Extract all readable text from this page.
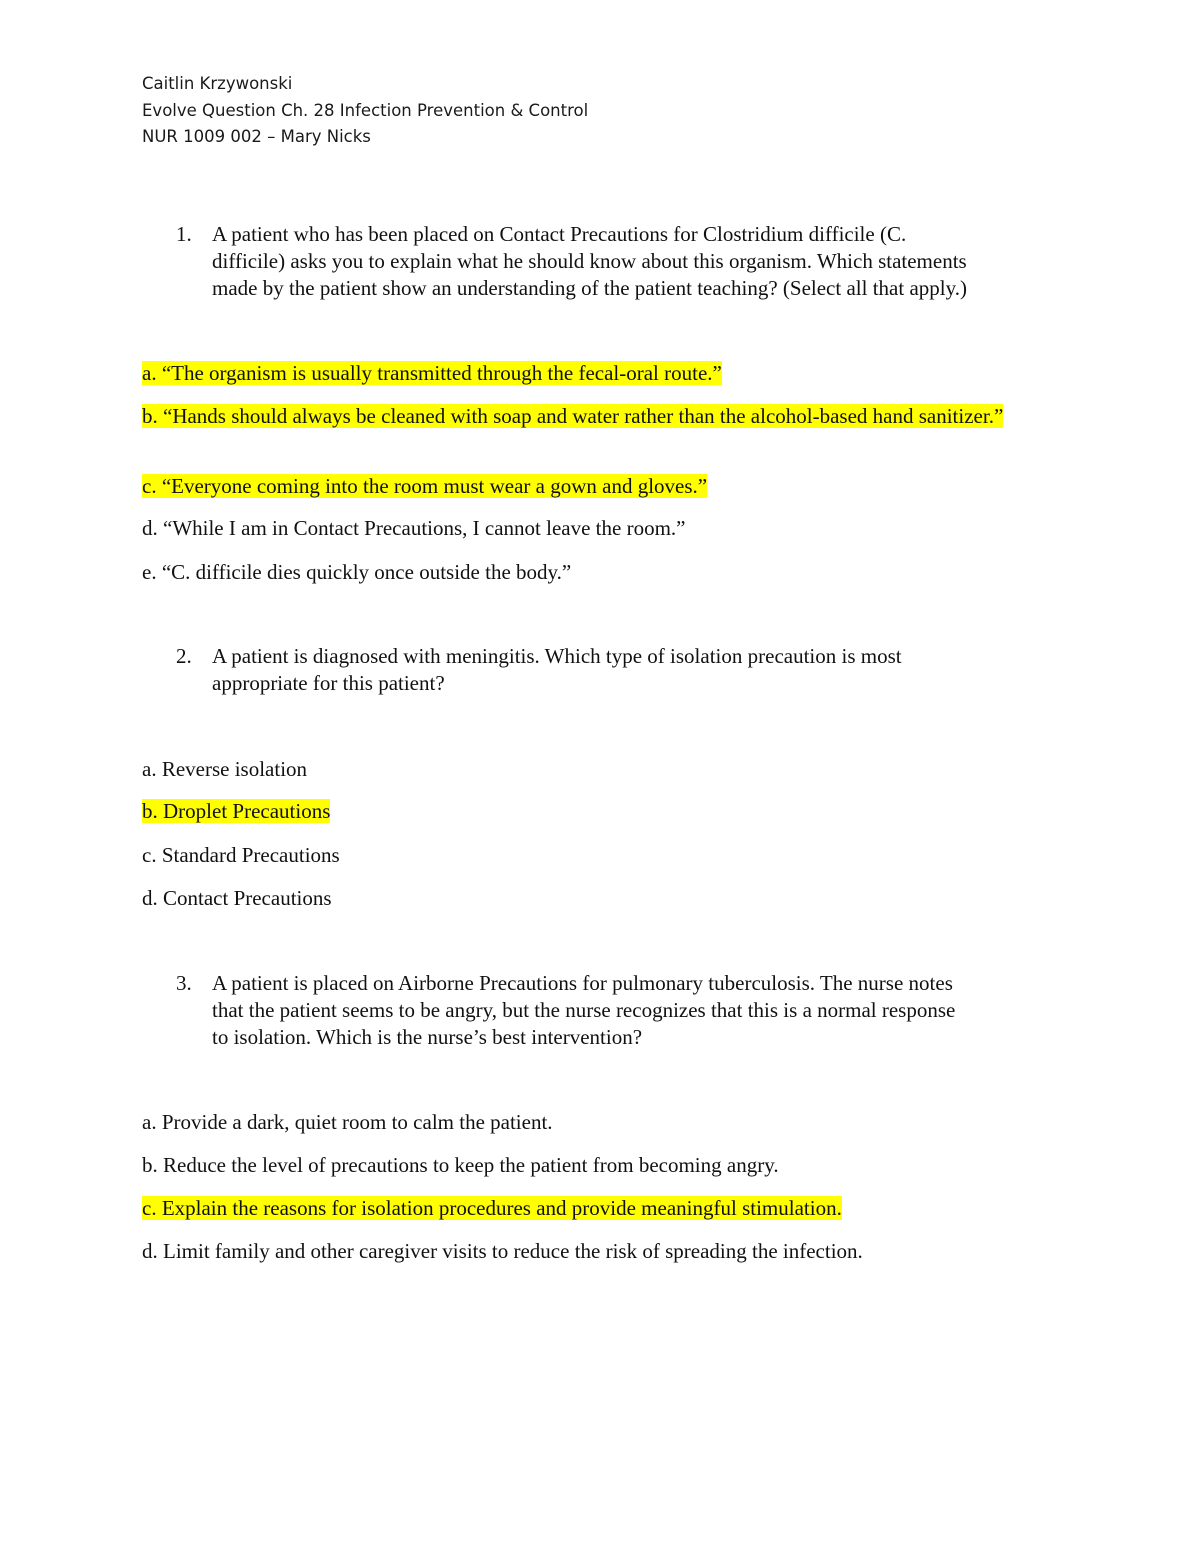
Caitlin Krzywonski
Evolve Question Ch. 28 Infection Prevention & Control
NUR 1009 002 – Mary Nicks
1. A patient who has been placed on Contact Precautions for Clostridium difficile (C.
difficile) asks you to explain what he should know about this organism. Which statements
made by the patient show an understanding of the patient teaching? (Select all that apply.)
a. “The organism is usually transmitted through the fecal-oral route.”
b. “Hands should always be cleaned with soap and water rather than the alcohol-based hand sanitizer.”
c. “Everyone coming into the room must wear a gown and gloves.”
d. “While I am in Contact Precautions, I cannot leave the room.”
e. “C. difficile dies quickly once outside the body.”
2. A patient is diagnosed with meningitis. Which type of isolation precaution is most
appropriate for this patient?
a. Reverse isolation
b. Droplet Precautions
c. Standard Precautions
d. Contact Precautions
3. A patient is placed on Airborne Precautions for pulmonary tuberculosis. The nurse notes
that the patient seems to be angry, but the nurse recognizes that this is a normal response
to isolation. Which is the nurse’s best intervention?
a. Provide a dark, quiet room to calm the patient.
b. Reduce the level of precautions to keep the patient from becoming angry.
c. Explain the reasons for isolation procedures and provide meaningful stimulation.
d. Limit family and other caregiver visits to reduce the risk of spreading the infection.
